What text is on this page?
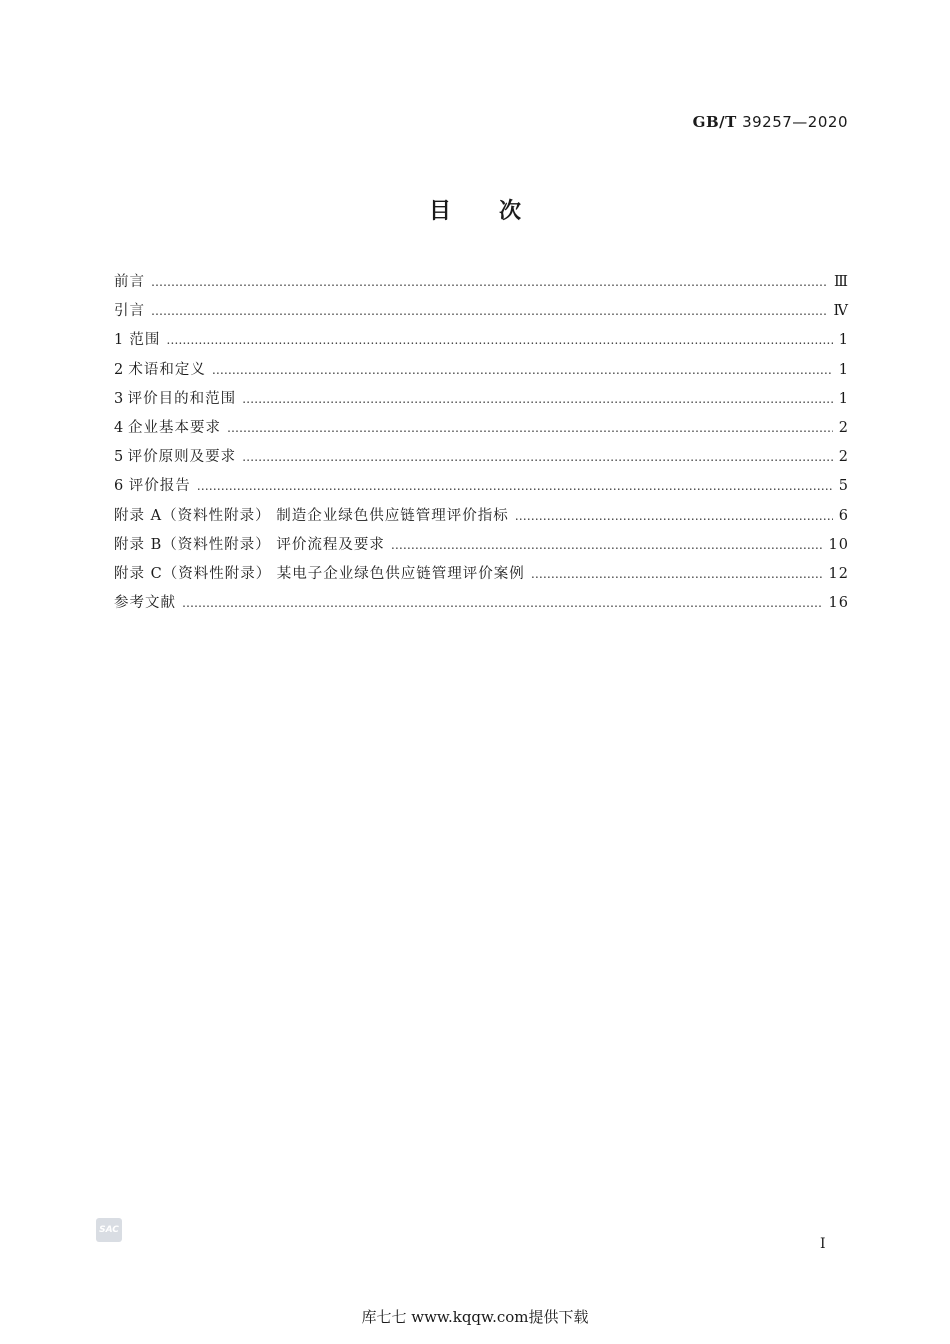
GB/T 39257—2020
目次
前言 ………………………………………………………………………………………………………………………………………………………………………………………………………………………………………………	Ⅲ
引言 ………………………………………………………………………………………………………………………………………………………………………………………………………………………………………………	Ⅳ
1 范围 ………………………………………………………………………………………………………………………………………………………………………………………………………………………………………………	1
2 术语和定义 ………………………………………………………………………………………………………………………………………………………………………………………………………………………………………………	1
3 评价目的和范围 ………………………………………………………………………………………………………………………………………………………………………………………………………………………………………………	1
4 企业基本要求 ………………………………………………………………………………………………………………………………………………………………………………………………………………………………………………	2
5 评价原则及要求 ………………………………………………………………………………………………………………………………………………………………………………………………………………………………………………	2
6 评价报告 ………………………………………………………………………………………………………………………………………………………………………………………………………………………………………………	5
附录 A（资料性附录） 制造企业绿色供应链管理评价指标 ………………………………………………………………………………………………………………………………………………………………………………………………………………………………………………	6
附录 B（资料性附录） 评价流程及要求 ………………………………………………………………………………………………………………………………………………………………………………………………………………………………………………	10
附录 C（资料性附录） 某电子企业绿色供应链管理评价案例 ………………………………………………………………………………………………………………………………………………………………………………………………………………………………………………	12
参考文献 ………………………………………………………………………………………………………………………………………………………………………………………………………………………………………………	16
SAC
I
库七七 www.kqqw.com提供下载
